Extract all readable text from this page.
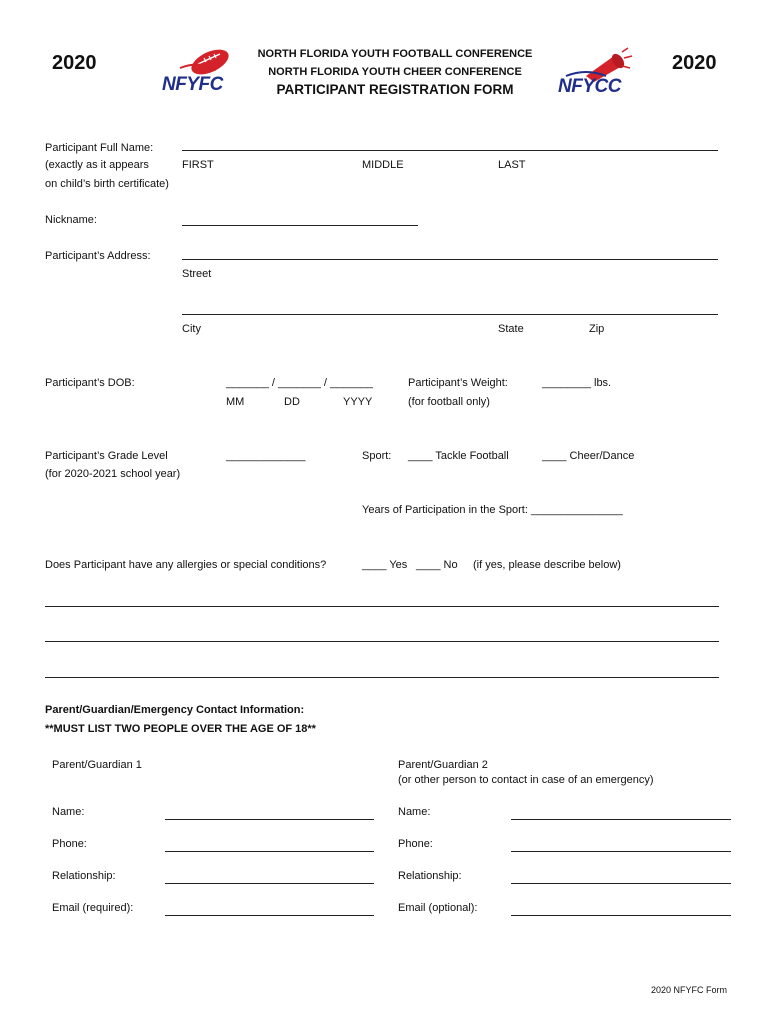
2020	2020
NFYFC	NFYCC
NORTH FLORIDA YOUTH FOOTBALL CONFERENCE
NORTH FLORIDA YOUTH CHEER CONFERENCE
PARTICIPANT REGISTRATION FORM
Participant Full Name:
(exactly as it appears
on child’s birth certificate)
FIRST	MIDDLE	LAST
Nickname:
Participant’s Address:
Street
City	State	Zip
Participant’s DOB:	_______ / _______ / _______
MM	DD	YYYY
Participant’s Weight:
(for football only)
________ lbs.
Participant’s Grade Level
(for 2020-2021 school year)
_____________	Sport: ____ Tackle Football	____ Cheer/Dance
Years of Participation in the Sport: _______________
Does Participant have any allergies or special conditions?	____ Yes ____ No (if yes, please describe below)
Parent/Guardian/Emergency Contact Information:
**MUST LIST TWO PEOPLE OVER THE AGE OF 18**
Parent/Guardian 1	Parent/Guardian 2
(or other person to contact in case of an emergency)
Name:	Name:
Phone:	Phone:
Relationship:	Relationship:
Email (required):	Email (optional):
2020 NFYFC Form
